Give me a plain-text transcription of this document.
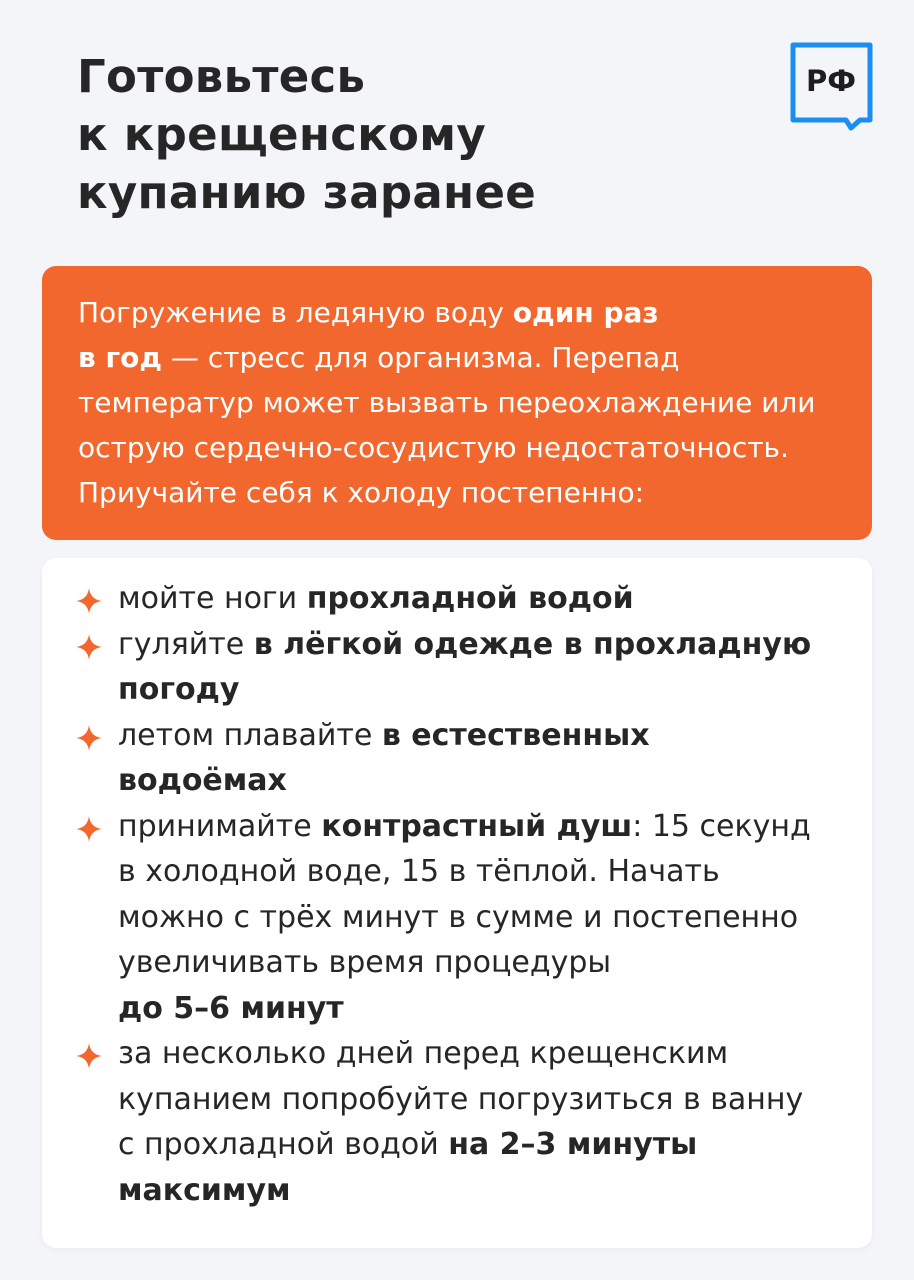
Готовьтесь
к крещенскому
купанию заранее
РФ

Погружение в ледяную воду один раз
в год — стресс для организма. Перепад
температур может вызвать переохлаждение или
острую сердечно-сосудистую недостаточность.
Приучайте себя к холоду постепенно:

мойте ноги прохладной водой
гуляйте в лёгкой одежде в прохладную
погоду
летом плавайте в естественных
водоёмах
принимайте контрастный душ: 15 секунд
в холодной воде, 15 в тёплой. Начать
можно с трёх минут в сумме и постепенно
увеличивать время процедуры
до 5–6 минут
за несколько дней перед крещенским
купанием попробуйте погрузиться в ванну
с прохладной водой на 2–3 минуты
максимум
